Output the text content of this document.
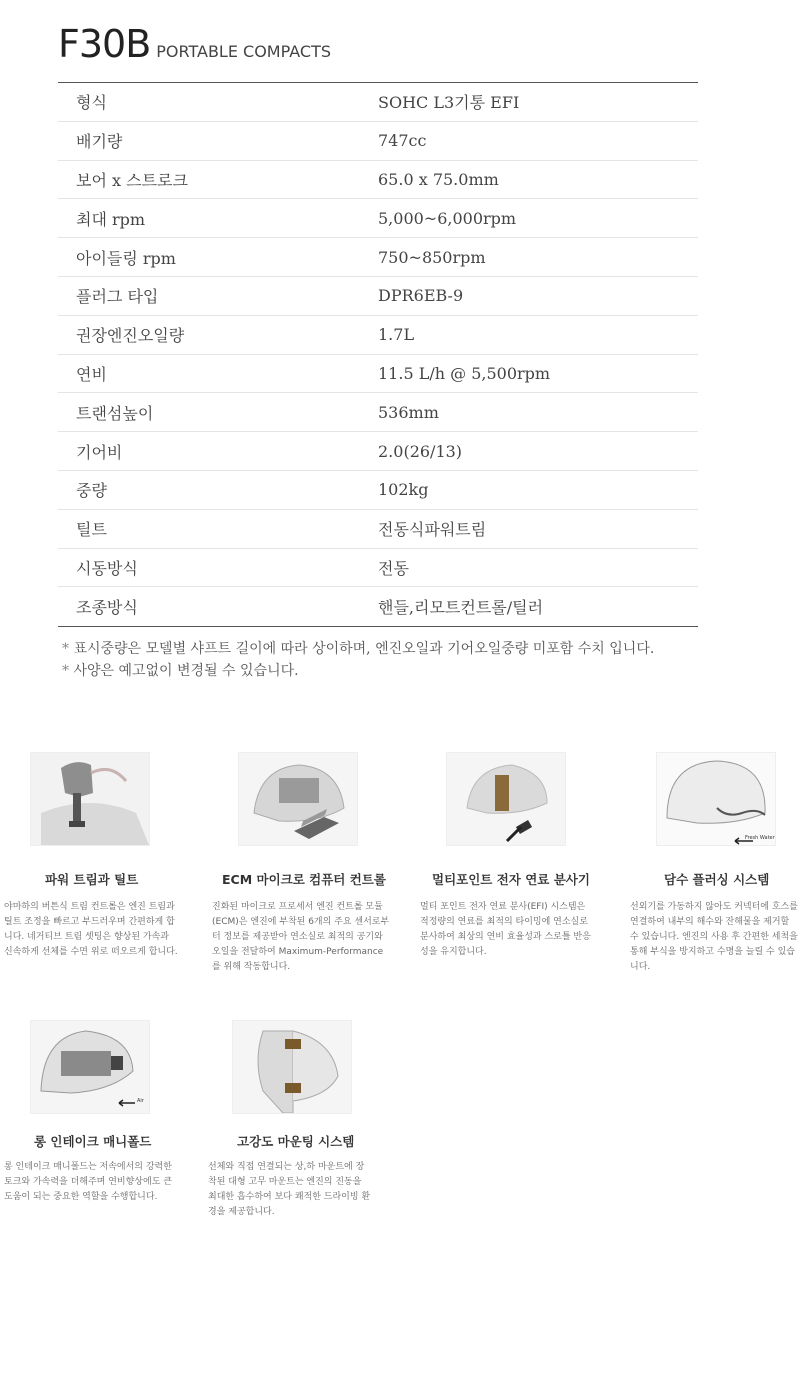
F30B PORTABLE COMPACTS
형식	SOHC L3기통 EFI
배기량	747cc
보어 x 스트로크	65.0 x 75.0mm
최대 rpm	5,000~6,000rpm
아이들링 rpm	750~850rpm
플러그 타입	DPR6EB-9
권장엔진오일량	1.7L
연비	11.5 L/h @ 5,500rpm
트랜섬높이	536mm
기어비	2.0(26/13)
중량	102kg
틸트	전동식파워트림
시동방식	전동
조종방식	핸들,리모트컨트롤/틸러
* 표시중량은 모델별 샤프트 길이에 따라 상이하며, 엔진오일과 기어오일중량 미포함 수치 입니다.
* 사양은 예고없이 변경될 수 있습니다.
파워 트림과 틸트

야마하의 버튼식 트림 컨트롤은 엔진 트림과 틸트 조정을 빠르고 부드러우며 간편하게 합니다. 네거티브 트림 셋팅은 향상된 가속과 신속하게 선체를 수면 위로 떠오르게 합니다.

ECM 마이크로 컴퓨터 컨트롤

진화된 마이크로 프로세서 엔진 컨트롤 모듈(ECM)은 엔진에 부착된 6개의 주요 센서로부터 정보를 제공받아 연소실로 최적의 공기와 오일을 전달하여 Maximum-Performance를 위해 작동합니다.

멀티포인트 전자 연료 분사기

멀티 포인트 전자 연료 분사(EFI) 시스템은 적정량의 연료를 최적의 타이밍에 연소실로 분사하여 최상의 연비 효율성과 스로틀 반응성을 유지합니다.

Fresh Water
담수 플러싱 시스템

선외기를 가동하지 않아도 커넥터에 호스를 연결하여 내부의 해수와 잔해물을 제거할 수 있습니다. 엔진의 사용 후 간편한 세척을 통해 부식을 방지하고 수명을 늘릴 수 있습니다.

Air
롱 인테이크 매니폴드

롱 인테이크 매니폴드는 저속에서의 강력한 토크와 가속력을 더해주며 연비향상에도 큰 도움이 되는 중요한 역할을 수행합니다.

고강도 마운팅 시스템

선체와 직접 연결되는 상,하 마운트에 장착된 대형 고무 마운트는 엔진의 진동을 최대한 흡수하여 보다 쾌적한 드라이빙 환경을 제공합니다.
